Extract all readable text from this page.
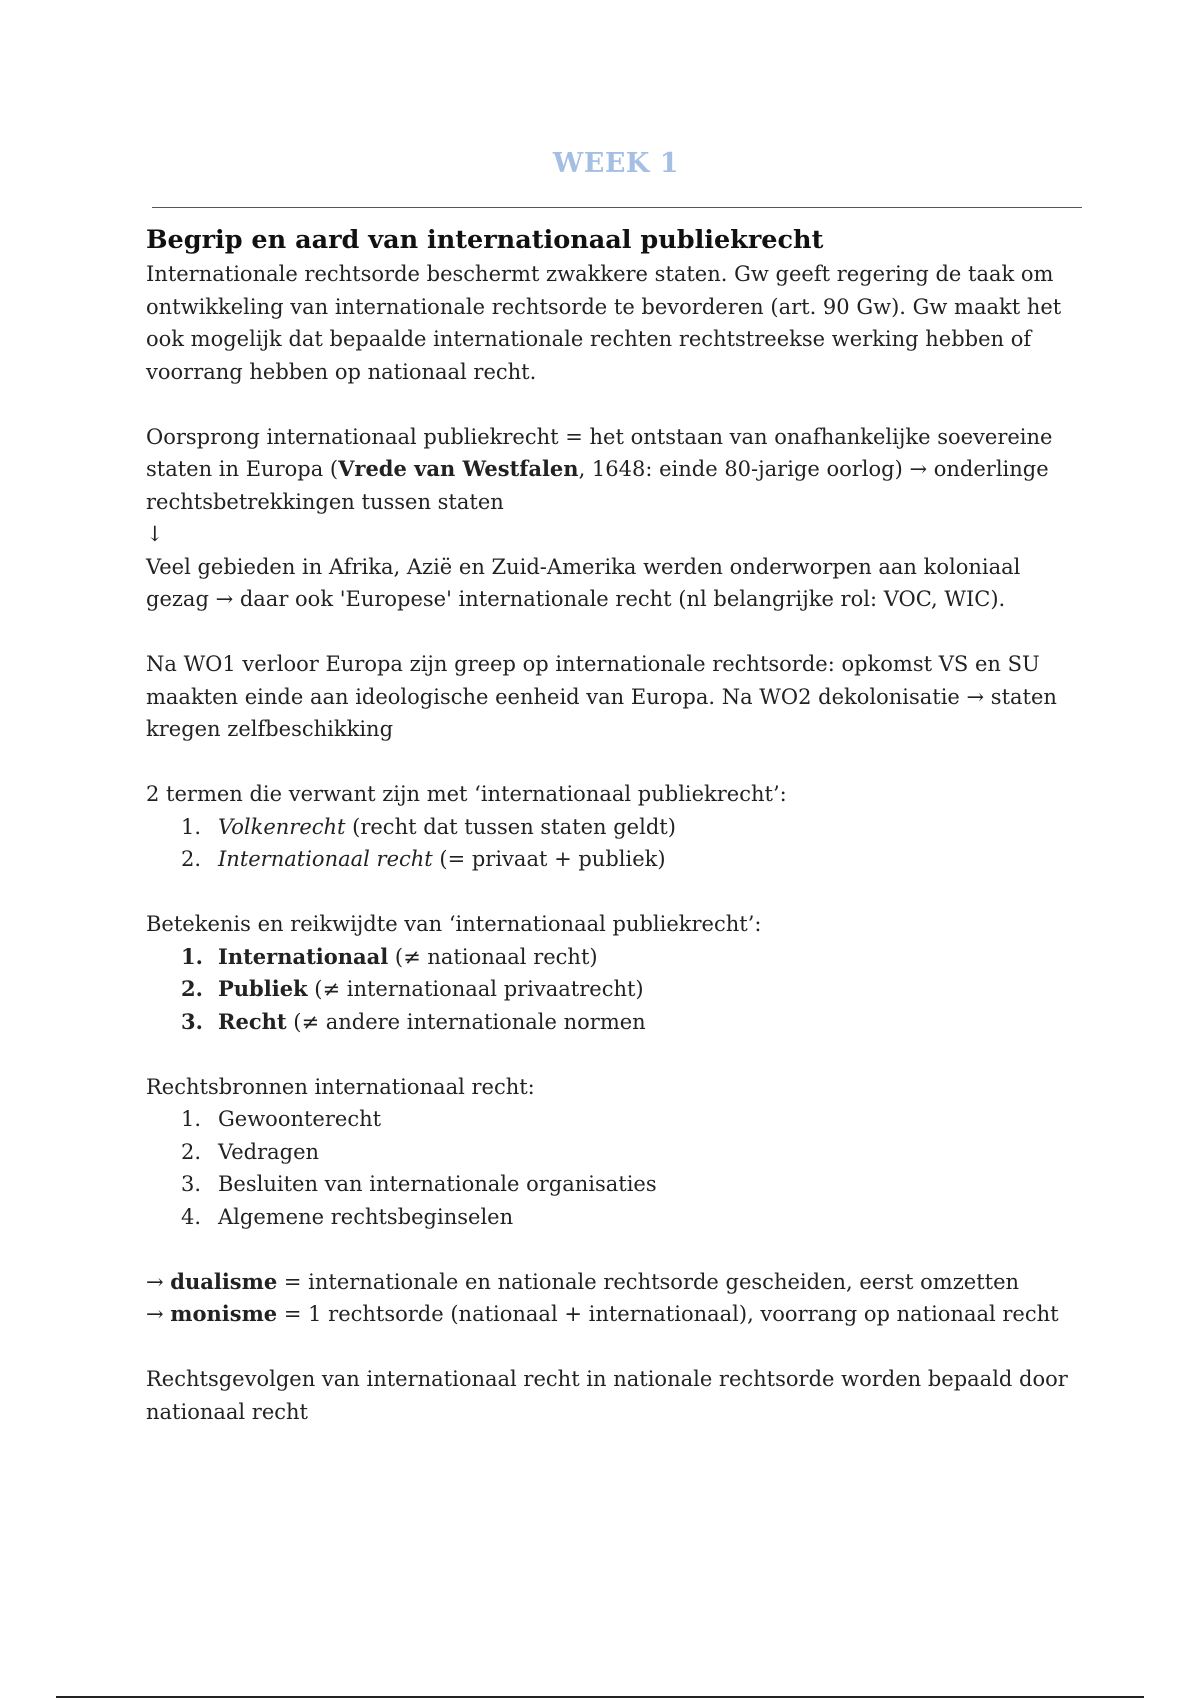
WEEK 1
Begrip en aard van internationaal publiekrecht

Internationale rechtsorde beschermt zwakkere staten. Gw geeft regering de taak om ontwikkeling van internationale rechtsorde te bevorderen (art. 90 Gw). Gw maakt het ook mogelijk dat bepaalde internationale rechten rechtstreekse werking hebben of voorrang hebben op nationaal recht.

Oorsprong internationaal publiekrecht = het ontstaan van onafhankelijke soevereine staten in Europa (Vrede van Westfalen, 1648: einde 80-jarige oorlog) → onderlinge rechtsbetrekkingen tussen staten

↓

Veel gebieden in Afrika, Azië en Zuid-Amerika werden onderworpen aan koloniaal gezag → daar ook 'Europese' internationale recht (nl belangrijke rol: VOC, WIC).

Na WO1 verloor Europa zijn greep op internationale rechtsorde: opkomst VS en SU maakten einde aan ideologische eenheid van Europa. Na WO2 dekolonisatie → staten kregen zelfbeschikking

2 termen die verwant zijn met ‘internationaal publiekrecht’:

1. Volkenrecht (recht dat tussen staten geldt)
2. Internationaal recht (= privaat + publiek)

Betekenis en reikwijdte van ‘internationaal publiekrecht’:

1. Internationaal (≠ nationaal recht)
2. Publiek (≠ internationaal privaatrecht)
3. Recht (≠ andere internationale normen

Rechtsbronnen internationaal recht:

1. Gewoonterecht
2. Vedragen
3. Besluiten van internationale organisaties
4. Algemene rechtsbeginselen

→ dualisme = internationale en nationale rechtsorde gescheiden, eerst omzetten

→ monisme = 1 rechtsorde (nationaal + internationaal), voorrang op nationaal recht

Rechtsgevolgen van internationaal recht in nationale rechtsorde worden bepaald door nationaal recht
